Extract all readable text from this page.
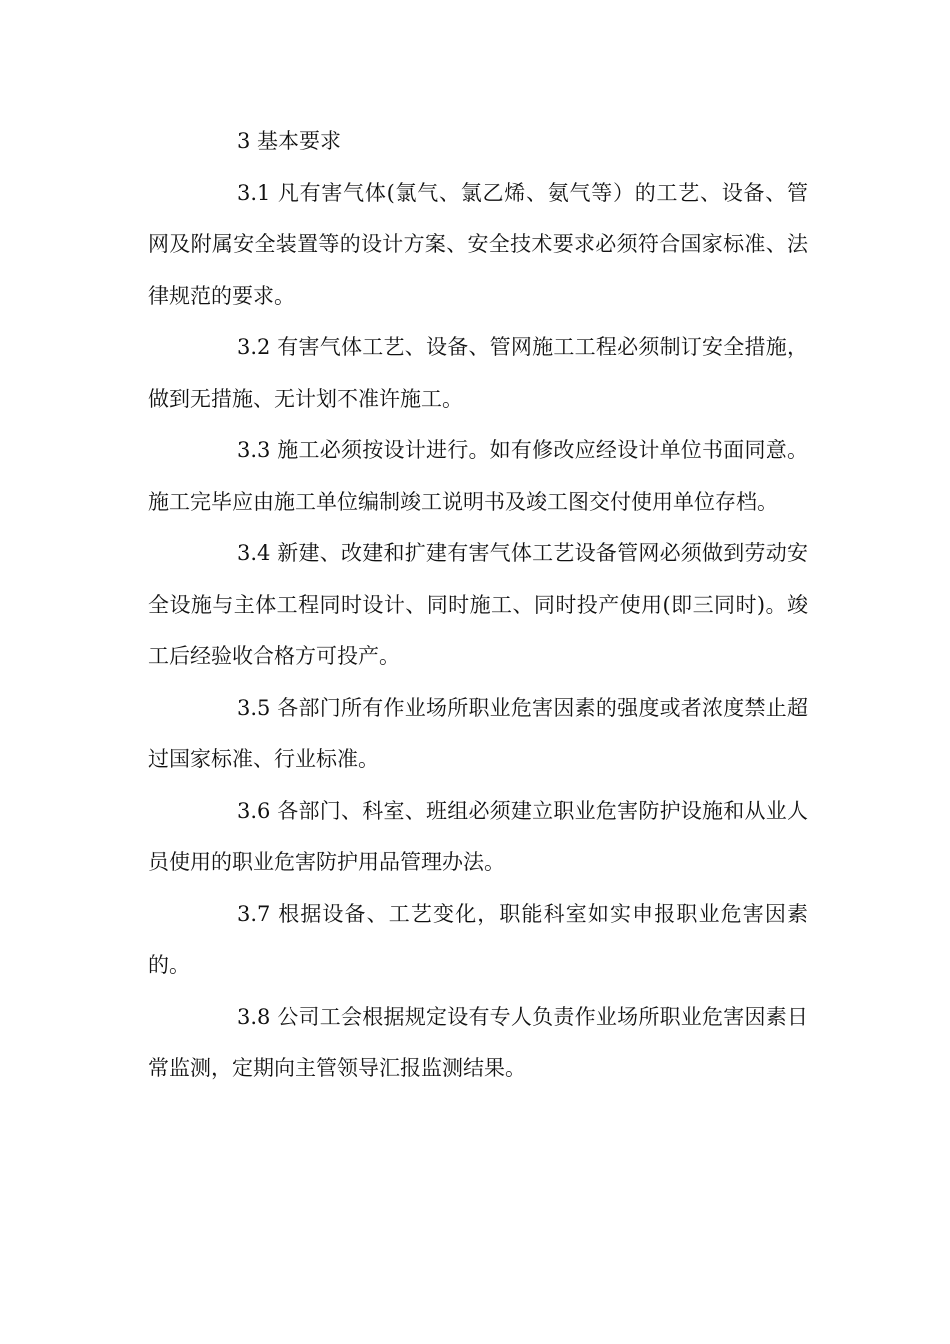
3 基本要求

3.1 凡有害气体(氯气、氯乙烯、氨气等）的工艺、设备、管网及附属安全装置等的设计方案、安全技术要求必须符合国家标准、法律规范的要求。

3.2 有害气体工艺、设备、管网施工工程必须制订安全措施，做到无措施、无计划不准许施工。

3.3 施工必须按设计进行。如有修改应经设计单位书面同意。 施工完毕应由施工单位编制竣工说明书及竣工图交付使用单位存档。

3.4 新建、改建和扩建有害气体工艺设备管网必须做到劳动安全设施与主体工程同时设计、同时施工、同时投产使用(即三同时)。竣工后经验收合格方可投产。

3.5 各部门所有作业场所职业危害因素的强度或者浓度禁止超过国家标准、行业标准。

3.6 各部门、科室、班组必须建立职业危害防护设施和从业人员使用的职业危害防护用品管理办法。

3.7 根据设备、工艺变化，职能科室如实申报职业危害因素的。

3.8 公司工会根据规定设有专人负责作业场所职业危害因素日常监测，定期向主管领导汇报监测结果。
